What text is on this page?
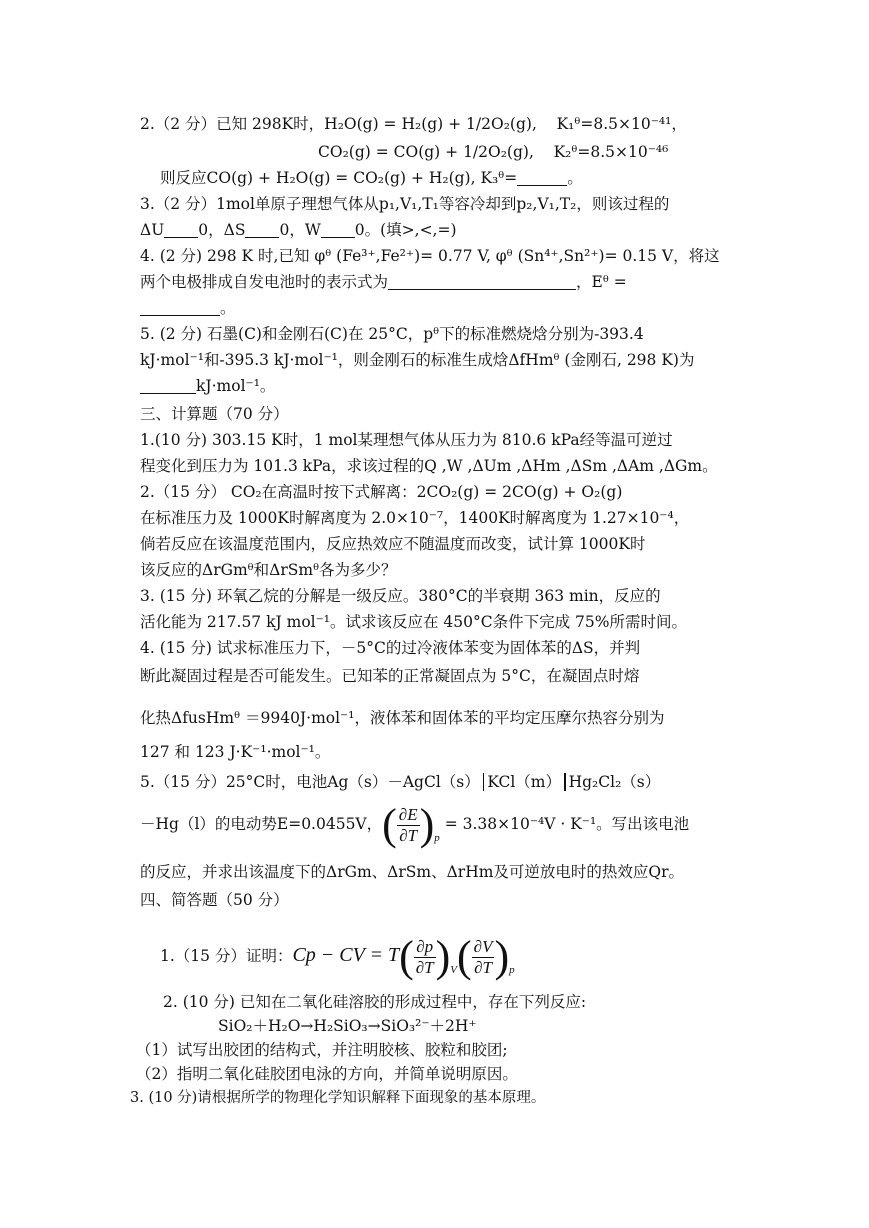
2.（2 分）已知 298K时，H₂O(g) = H₂(g) + 1/2O₂(g), K₁ᶿ=8.5×10⁻⁴¹，
CO₂(g) = CO(g) + 1/2O₂(g), K₂ᶿ=8.5×10⁻⁴⁶
则反应CO(g) + H₂O(g) = CO₂(g) + H₂(g), K₃ᶿ=	。
3.（2 分）1mol单原子理想气体从p₁,V₁,T₁等容冷却到p₂,V₁,T₂，则该过程的
ΔU 0，ΔS 0，W 0。(填>,<,=)
4. (2 分) 298 K 时,已知 φᶿ (Fe³⁺,Fe²⁺)= 0.77 V, φᶿ (Sn⁴⁺,Sn²⁺)= 0.15 V，将这
两个电极排成自发电池时的表示式为	，Eᶿ =
。
5. (2 分) 石墨(C)和金刚石(C)在 25°C，pᶿ下的标准燃烧焓分别为-393.4
kJ·mol⁻¹和-395.3 kJ·mol⁻¹，则金刚石的标准生成焓ΔfHmᶿ (金刚石, 298 K)为
kJ·mol⁻¹。
三、计算题（70 分）
1.(10 分) 303.15 K时，1 mol某理想气体从压力为 810.6 kPa经等温可逆过
程变化到压力为 101.3 kPa，求该过程的Q ,W ,ΔUm ,ΔHm ,ΔSm ,ΔAm ,ΔGm。
2.（15 分） CO₂在高温时按下式解离：2CO₂(g) = 2CO(g) + O₂(g)
在标准压力及 1000K时解离度为 2.0×10⁻⁷，1400K时解离度为 1.27×10⁻⁴，
倘若反应在该温度范围内，反应热效应不随温度而改变，试计算 1000K时
该反应的ΔrGmᶿ和ΔrSmᶿ各为多少？
3. (15 分) 环氧乙烷的分解是一级反应。380°C的半衰期 363 min，反应的
活化能为 217.57 kJ mol⁻¹。试求该反应在 450°C条件下完成 75%所需时间。
4. (15 分) 试求标准压力下，－5°C的过冷液体苯变为固体苯的ΔS，并判
断此凝固过程是否可能发生。已知苯的正常凝固点为 5°C，在凝固点时熔
化热ΔfusHmᶿ ＝9940J·mol⁻¹，液体苯和固体苯的平均定压摩尔热容分别为
127 和 123 J·K⁻¹·mol⁻¹。
5.（15 分）25°C时，电池Ag（s）－AgCl（s） KCl（m） Hg₂Cl₂（s）
－Hg（l）的电动势E=0.0455V，( $\frac{\partial E}{\partial T} )_p = 3.38\times 10^{-4}V \cdot K^{-1}$。写出该电池
的反应，并求出该温度下的ΔrGm、ΔrSm、ΔrHm及可逆放电时的热效应Qr。
四、简答题（50 分）
1.（15 分）证明：Cp − CV = $T( \frac{\partial p}{\partial T} )_V( \frac{\partial V}{\partial T} )_p$
2. (10 分) 已知在二氧化硅溶胶的形成过程中，存在下列反应:
SiO₂＋H₂O→H₂SiO₃→SiO₃²⁻＋2H⁺
（1）试写出胶团的结构式，并注明胶核、胶粒和胶团;
（2）指明二氧化硅胶团电泳的方向，并简单说明原因。
3. (10 分)请根据所学的物理化学知识解释下面现象的基本原理。
